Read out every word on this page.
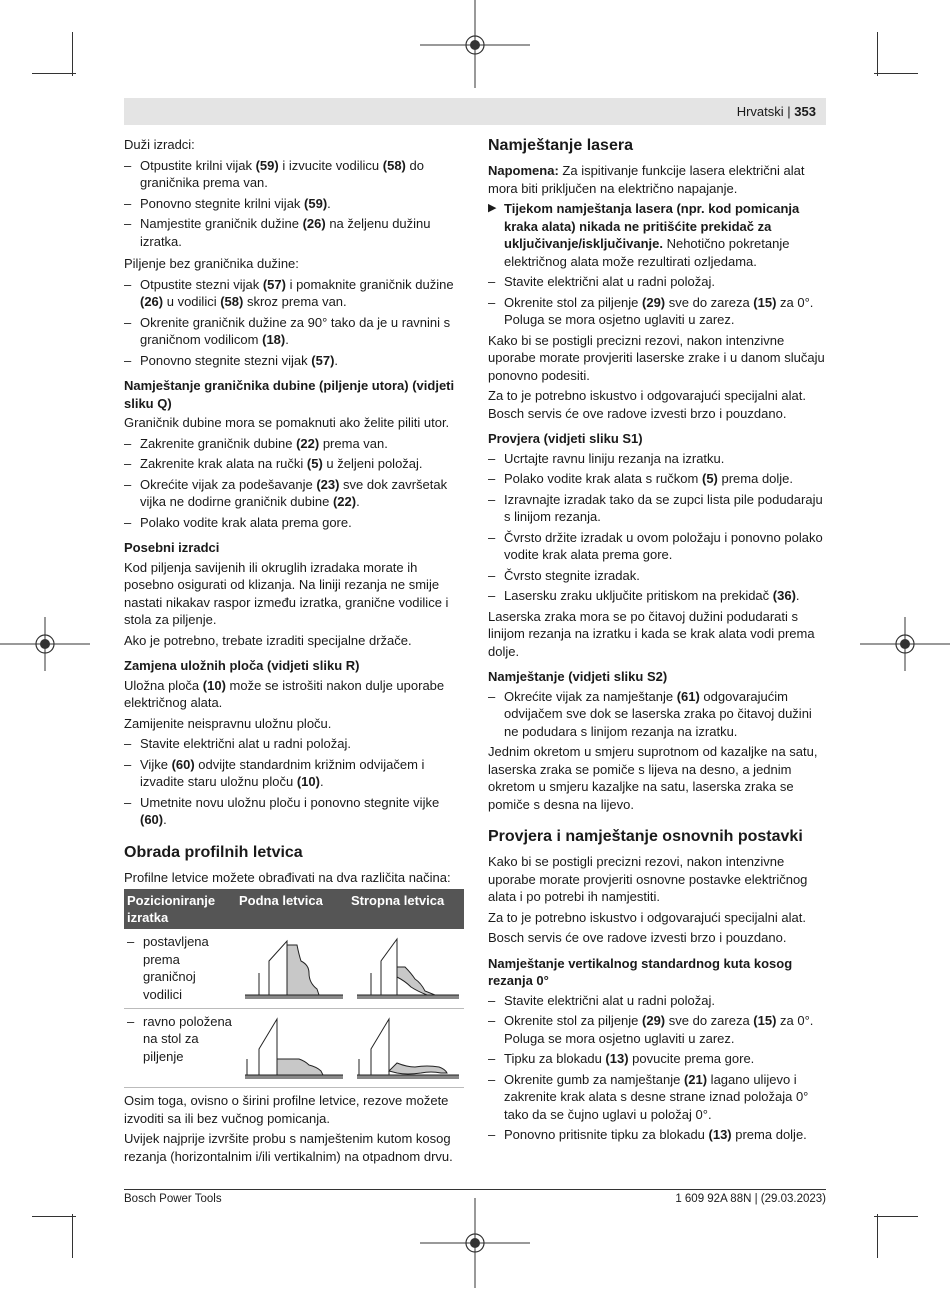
Hrvatski | 353

Duži izradci:

– Otpustite krilni vijak (59) i izvucite vodilicu (58) do graničnika prema van.
– Ponovno stegnite krilni vijak (59).
– Namjestite graničnik dužine (26) na željenu dužinu izratka.

Piljenje bez graničnika dužine:

– Otpustite stezni vijak (57) i pomaknite graničnik dužine (26) u vodilici (58) skroz prema van.
– Okrenite graničnik dužine za 90° tako da je u ravnini s graničnom vodilicom (18).
– Ponovno stegnite stezni vijak (57).

Namještanje graničnika dubine (piljenje utora) (vidjeti sliku Q)

Graničnik dubine mora se pomaknuti ako želite piliti utor.

– Zakrenite graničnik dubine (22) prema van.
– Zakrenite krak alata na ručki (5) u željeni položaj.
– Okrećite vijak za podešavanje (23) sve dok završetak vijka ne dodirne graničnik dubine (22).
– Polako vodite krak alata prema gore.

Posebni izradci

Kod piljenja savijenih ili okruglih izradaka morate ih posebno osigurati od klizanja. Na liniji rezanja ne smije nastati nikakav raspor između izratka, granične vodilice i stola za piljenje.

Ako je potrebno, trebate izraditi specijalne držače.

Zamjena uložnih ploča (vidjeti sliku R)

Uložna ploča (10) može se istrošiti nakon dulje uporabe električnog alata.

Zamijenite neispravnu uložnu ploču.

– Stavite električni alat u radni položaj.
– Vijke (60) odvijte standardnim križnim odvijačem i izvadite staru uložnu ploču (10).
– Umetnite novu uložnu ploču i ponovno stegnite vijke (60).

Obrada profilnih letvica

Profilne letvice možete obrađivati na dva različita načina:

Pozicioniranje izratka	Podna letvica	Stropna letvica

– postavljena prema graničnoj vodilici

– ravno položena na stol za piljenje

Osim toga, ovisno o širini profilne letvice, rezove možete izvoditi sa ili bez vučnog pomicanja.

Uvijek najprije izvršite probu s namještenim kutom kosog rezanja (horizontalnim i/ili vertikalnim) na otpadnom drvu.

Namještanje lasera

Napomena: Za ispitivanje funkcije lasera električni alat mora biti priključen na električno napajanje.

▶ Tijekom namještanja lasera (npr. kod pomicanja kraka alata) nikada ne pritišćite prekidač za uključivanje/isključivanje. Nehotično pokretanje električnog alata može rezultirati ozljedama.
– Stavite električni alat u radni položaj.
– Okrenite stol za piljenje (29) sve do zareza (15) za 0°. Poluga se mora osjetno uglaviti u zarez.

Kako bi se postigli precizni rezovi, nakon intenzivne uporabe morate provjeriti laserske zrake i u danom slučaju ponovno podesiti.

Za to je potrebno iskustvo i odgovarajući specijalni alat.

Bosch servis će ove radove izvesti brzo i pouzdano.

Provjera (vidjeti sliku S1)

– Ucrtajte ravnu liniju rezanja na izratku.
– Polako vodite krak alata s ručkom (5) prema dolje.
– Izravnajte izradak tako da se zupci lista pile podudaraju s linijom rezanja.
– Čvrsto držite izradak u ovom položaju i ponovno polako vodite krak alata prema gore.
– Čvrsto stegnite izradak.
– Lasersku zraku uključite pritiskom na prekidač (36).

Laserska zraka mora se po čitavoj dužini podudarati s linijom rezanja na izratku i kada se krak alata vodi prema dolje.

Namještanje (vidjeti sliku S2)

– Okrećite vijak za namještanje (61) odgovarajućim odvijačem sve dok se laserska zraka po čitavoj dužini ne podudara s linijom rezanja na izratku.

Jednim okretom u smjeru suprotnom od kazaljke na satu, laserska zraka se pomiče s lijeva na desno, a jednim okretom u smjeru kazaljke na satu, laserska zraka se pomiče s desna na lijevo.

Provjera i namještanje osnovnih postavki

Kako bi se postigli precizni rezovi, nakon intenzivne uporabe morate provjeriti osnovne postavke električnog alata i po potrebi ih namjestiti.

Za to je potrebno iskustvo i odgovarajući specijalni alat.

Bosch servis će ove radove izvesti brzo i pouzdano.

Namještanje vertikalnog standardnog kuta kosog rezanja 0°

– Stavite električni alat u radni položaj.
– Okrenite stol za piljenje (29) sve do zareza (15) za 0°. Poluga se mora osjetno uglaviti u zarez.
– Tipku za blokadu (13) povucite prema gore.
– Okrenite gumb za namještanje (21) lagano ulijevo i zakrenite krak alata s desne strane iznad položaja 0° tako da se čujno uglavi u položaj 0°.
– Ponovno pritisnite tipku za blokadu (13) prema dolje.
Bosch Power Tools	1 609 92A 88N | (29.03.2023)
